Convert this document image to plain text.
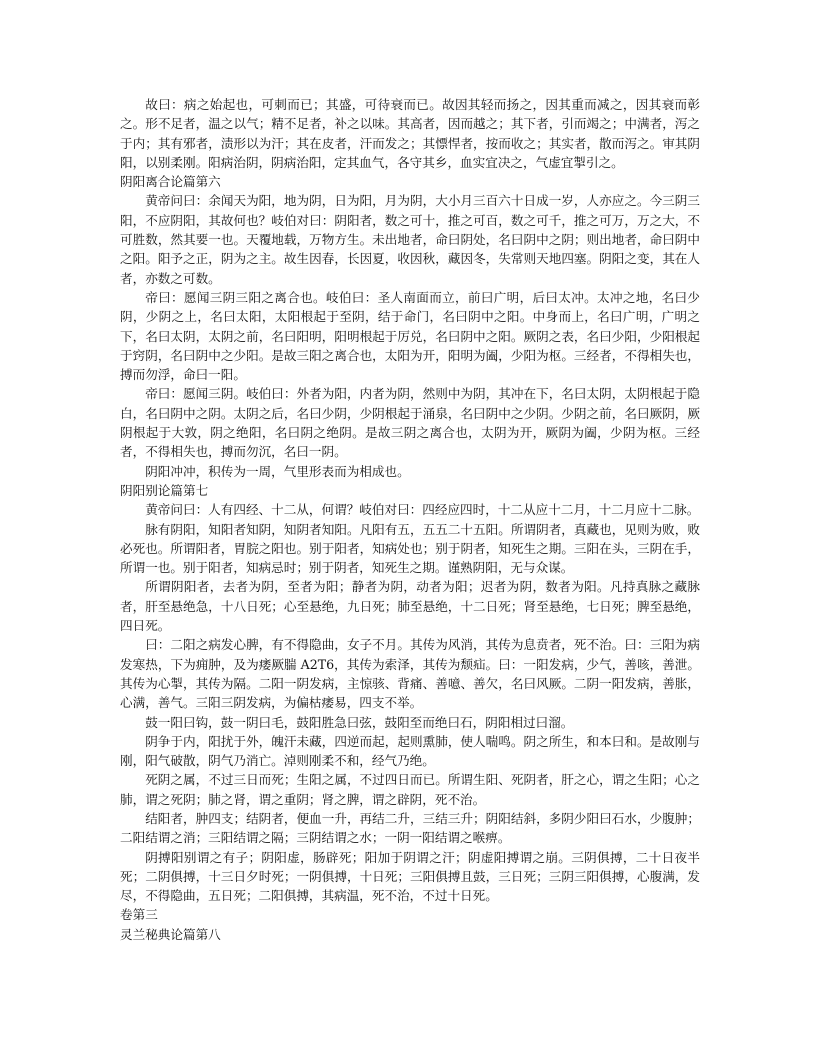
故曰：病之始起也，可刺而已；其盛，可待衰而已。故因其轻而扬之，因其重而减之，因其衰而彰之。形不足者，温之以气；精不足者，补之以味。其高者，因而越之；其下者，引而竭之；中满者，泻之于内；其有邪者，渍形以为汗；其在皮者，汗而发之；其慓悍者，按而收之；其实者，散而泻之。审其阴阳，以别柔刚。阳病治阴，阴病治阳，定其血气，各守其乡，血实宜决之，气虚宜掣引之。

阴阳离合论篇第六

黄帝问曰：余闻天为阳，地为阴，日为阳，月为阴，大小月三百六十日成一岁，人亦应之。今三阴三阳，不应阴阳，其故何也？岐伯对曰：阴阳者，数之可十，推之可百，数之可千，推之可万，万之大，不可胜数，然其要一也。天覆地载，万物方生。未出地者，命曰阴处，名曰阴中之阴；则出地者，命曰阴中之阳。阳予之正，阴为之主。故生因春，长因夏，收因秋，藏因冬，失常则天地四塞。阴阳之变，其在人者，亦数之可数。

帝曰：愿闻三阴三阳之离合也。岐伯曰：圣人南面而立，前曰广明，后曰太冲。太冲之地，名曰少阴，少阴之上，名曰太阳，太阳根起于至阴，结于命门，名曰阴中之阳。中身而上，名曰广明，广明之下，名曰太阴，太阴之前，名曰阳明，阳明根起于厉兑，名曰阴中之阳。厥阴之表，名曰少阳，少阳根起于窍阴，名曰阴中之少阳。是故三阳之离合也，太阳为开，阳明为阖，少阳为枢。三经者，不得相失也，搏而勿浮，命曰一阳。

帝曰：愿闻三阴。岐伯曰：外者为阳，内者为阴，然则中为阴，其冲在下，名曰太阴，太阴根起于隐白，名曰阴中之阴。太阴之后，名曰少阴，少阴根起于涌泉，名曰阴中之少阴。少阴之前，名曰厥阴，厥阴根起于大敦，阴之绝阳，名曰阴之绝阴。是故三阴之离合也，太阴为开，厥阴为阖，少阴为枢。三经者，不得相失也，搏而勿沉，名曰一阴。

阴阳冲冲，积传为一周，气里形表而为相成也。

阴阳别论篇第七

黄帝问曰：人有四经、十二从，何谓？岐伯对曰：四经应四时，十二从应十二月，十二月应十二脉。

脉有阴阳，知阳者知阴，知阴者知阳。凡阳有五，五五二十五阳。所谓阴者，真藏也，见则为败，败必死也。所谓阳者，胃脘之阳也。别于阳者，知病处也；别于阴者，知死生之期。三阳在头，三阴在手，所谓一也。别于阳者，知病忌时；别于阴者，知死生之期。谨熟阴阳，无与众谋。

所谓阴阳者，去者为阴，至者为阳；静者为阴，动者为阳；迟者为阴，数者为阳。凡持真脉之藏脉者，肝至悬绝急，十八日死；心至悬绝，九日死；肺至悬绝，十二日死；肾至悬绝，七日死；脾至悬绝，四日死。

曰：二阳之病发心脾，有不得隐曲，女子不月。其传为风消，其传为息贲者，死不治。曰：三阳为病发寒热，下为痈肿，及为痿厥腨 A2T6，其传为索泽，其传为颓疝。曰：一阳发病，少气，善咳，善泄。其传为心掣，其传为隔。二阳一阴发病，主惊骇、背痛、善噫、善欠，名曰风厥。二阴一阳发病，善胀，心满，善气。三阳三阴发病，为偏枯痿易，四支不举。

鼓一阳曰钩，鼓一阴曰毛，鼓阳胜急曰弦，鼓阳至而绝曰石，阴阳相过曰溜。

阴争于内，阳扰于外，魄汗未藏，四逆而起，起则熏肺，使人喘鸣。阴之所生，和本曰和。是故刚与刚，阳气破散，阴气乃消亡。淖则刚柔不和，经气乃绝。

死阴之属，不过三日而死；生阳之属，不过四日而已。所谓生阳、死阴者，肝之心，谓之生阳；心之肺，谓之死阴；肺之肾，谓之重阴；肾之脾，谓之辟阴，死不治。

结阳者，肿四支；结阴者，便血一升，再结二升，三结三升；阴阳结斜，多阴少阳曰石水，少腹肿；二阳结谓之消；三阳结谓之隔；三阴结谓之水；一阴一阳结谓之喉痹。

阴搏阳别谓之有子；阴阳虚，肠辟死；阳加于阴谓之汗；阴虚阳搏谓之崩。三阴俱搏，二十日夜半死；二阴俱搏，十三日夕时死；一阴俱搏，十日死；三阳俱搏且鼓，三日死；三阴三阳俱搏，心腹满，发尽，不得隐曲，五日死；二阳俱搏，其病温，死不治，不过十日死。

卷第三
灵兰秘典论篇第八
